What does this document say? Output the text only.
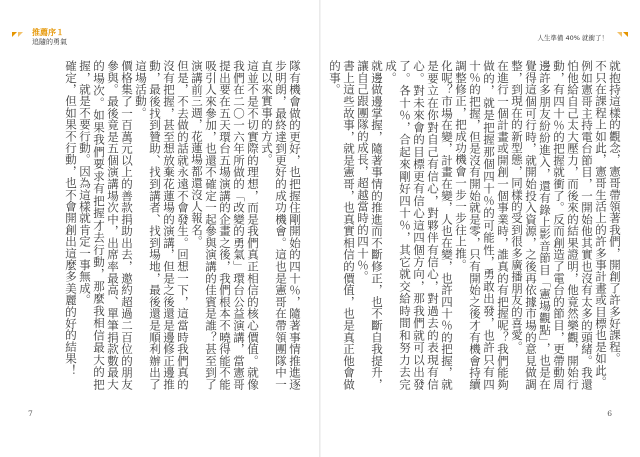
推薦序１
追隨的勇氣

隊有機會做的更好，也把握住剛開始的四十％，隨著事情推進逐步明朗，最終達到更好的成功機會。這也是憲哥在帶領團隊中一直以來實事的方式。

這並不是不切實際的理想，而是我們真正相信的核心價值。就像我們在二〇一六年所做的「改變的勇氣」環台公益演講，當憲哥提出要在五天環台五場演講的企畫之後，我們根本不曉得能不能吸引人來參加，也還不確定一起參與演講的佳賓是誰？甚至到了演講前三週，花蓮場都還沒人報名。

但是，不去做的話就永遠不會發生。回想一下，這當時我們真的沒有把握，甚至想放棄花蓮場的演講，但是之後還是邊修正邊推動，最後找到贊助、找到講者、找到場地，最後還是順利辦出了這場活動。

價格集了一百萬元以上的善款捐助出去，邀約超過二百位的朋友參與。最後竟是五個演講場次中，出席率最高、單筆捐款數最大的場次。如果我們要求有把握才去行動，那麼我相信最大的把握，就是不要行動。因為這樣就肯定一事無成。

確定，但如果不行動，也不會開創出這麼多美麗的好的結果！

7
人生準備 40% 就衝了！

就抱持這樣的觀念，憲哥帶領著我們，開創了許多好課程。

不只在課程上如此，憲哥生活上的許多事計畫或目標也是如此。

例如憲哥主持電台節目，一開始他其實也沒有太多的頭緒。我還怕他給自己太大壓力，而後來的結果證明，他竟然樂觀，開始行動，有四十％的把握就衝了。反而創造了電台的節目，更帶動周邊許多朋友紛紛進入，還有錄上影音節目「憲場觀點」，也是在覺得這個可行時，就開始投入資源，之後再依據市場的意見做調整，到現在的新型態，同樣的受到很多廣播朋友的喜愛。

在進行一個計畫或開創一個事業時，誰真的有把握呢？我們能夠做的，就是把握那個四十％的可能性，勇敢出發，也許只有四十％的把握，但是沒有開始就是零，只有開始之後才有機會持續調整修正，把成功機會一步一步往上推。

化呢？市場在變，計畫在變，人也在變，也許四十％的把握，就是要立在你對自己有信心，對夥伴有信心，對過去的表現有信心。對未來會的目標更有信心這四個方向，那我們就可以出發了。各十％，合起來剛好四十％，其它就交給時間和努力去完成。

就邊做邊掌握，隨著事情的推進而不斷修正，也不斷自我提升，讓自己跟團隊的成長，超越當時的四十％。

書上這些故事，就是憲哥，也真實相信的價值，也是真正他會做的事。

6
